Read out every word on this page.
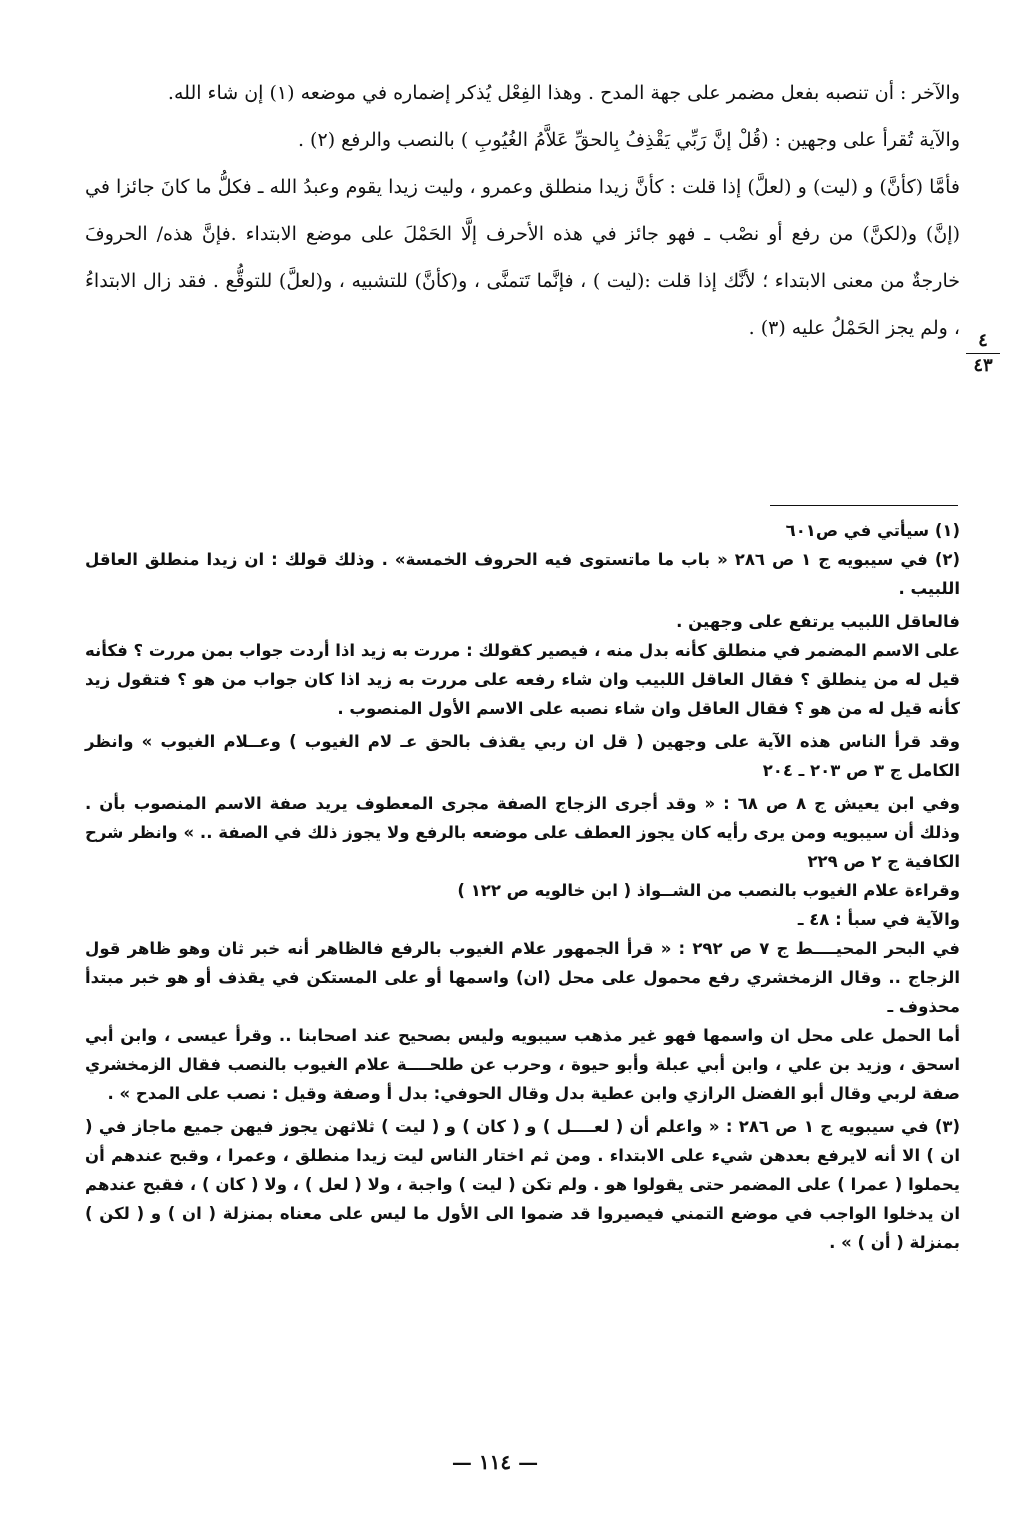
والآخر : أن تنصبه بفعل مضمر على جهة المدح . وهذا الفِعْل يُذكر إضماره في موضعه (١) إن شاء الله.

والآية تُقرأ على وجهين : (قُلْ إنَّ رَبِّي يَقْذِفُ بِالحقِّ عَلاَّمُ الغُيُوبِ ) بالنصب والرفع (٢) .

فأمَّا (كأنَّ) و (ليت) و (لعلَّ) إذا قلت : كأنَّ زيدا منطلق وعمرو ، وليت زيدا يقوم وعبدُ الله ـ فكلُّ ما كانَ جائزا في (إنَّ) و(لكنَّ) من رفع أو نصْب ـ فهو جائز في هذه الأحرف إلَّا الحَمْلَ على موضع الابتداء .فإنَّ هذه/ الحروفَ خارجةٌ من معنى الابتداء ؛ لأنَّك إذا قلت :(ليت ) ، فإنَّما تَتمنَّى ، و(كأنَّ) للتشبيه ، و(لعلَّ) للتوقُّع . فقد زال الابتداءُ ، ولم يجز الحَمْلُ عليه (٣) .

٤
٤٣

(١) سيأتي في ص٦٠١

(٢) في سيبويه ج ١ ص ٢٨٦ « باب ما ماتستوى فيه الحروف الخمسة» . وذلك قولك : ان زيدا منطلق العاقل اللبيب .

فالعاقل اللبيب يرتفع على وجهين .

على الاسم المضمر في منطلق كأنه بدل منه ، فيصير كقولك : مررت به زيد اذا أردت جواب بمن مررت ؟ فكأنه قيل له من ينطلق ؟ فقال العاقل اللبيب وان شاء رفعه على مررت به زيد اذا كان جواب من هو ؟ فتقول زيد كأنه قيل له من هو ؟ فقال العاقل وان شاء نصبه على الاسم الأول المنصوب .

وقد قرأ الناس هذه الآية على وجهين ( قل ان ربي يقذف بالحق عـ لام الغيوب ) وعــلام الغيوب » وانظر الكامل ج ٣ ص ٢٠٣ ـ ٢٠٤

وفي ابن يعيش ج ٨ ص ٦٨ : « وقد أجرى الزجاج الصفة مجرى المعطوف يريد صفة الاسم المنصوب بأن . وذلك أن سيبويه ومن يرى رأيه كان يجوز العطف على موضعه بالرفع ولا يجوز ذلك في الصفة .. » وانظر شرح الكافية ج ٢ ص ٢٢٩

وقراءة علام الغيوب بالنصب من الشــواذ ( ابن خالويه ص ١٢٢ )

والآية في سبأ : ٤٨ ـ

في البحر المحيــــط ج ٧ ص ٢٩٢ : « قرأ الجمهور علام الغيوب بالرفع فالظاهر أنه خبر ثان وهو ظاهر قول الزجاج .. وقال الزمخشري رفع محمول على محل (ان) واسمها أو على المستكن في يقذف أو هو خبر مبتدأ محذوف ـ

أما الحمل على محل ان واسمها فهو غير مذهب سيبويه وليس بصحيح عند اصحابنا .. وقرأ عيسى ، وابن أبي اسحق ، وزيد بن علي ، وابن أبي عبلة وأبو حيوة ، وحرب عن طلحــــة علام الغيوب بالنصب فقال الزمخشري صفة لربي وقال أبو الفضل الرازي وابن عطية بدل وقال الحوفي: بدل أ وصفة وقيل : نصب على المدح » .

(٣) في سيبويه ج ١ ص ٢٨٦ : « واعلم أن ( لعــــل ) و ( كان ) و ( ليت ) ثلاثهن يجوز فيهن جميع ماجاز في ( ان ) الا أنه لايرفع بعدهن شيء على الابتداء . ومن ثم اختار الناس ليت زيدا منطلق ، وعمرا ، وقبح عندهم أن يحملوا ( عمرا ) على المضمر حتى يقولوا هو . ولم تكن ( ليت ) واجبة ، ولا ( لعل ) ، ولا ( كان ) ، فقبح عندهم ان يدخلوا الواجب في موضع التمني فيصيروا قد ضموا الى الأول ما ليس على معناه بمنزلة ( ان ) و ( لكن ) بمنزلة ( أن ) » .

— ١١٤ —
